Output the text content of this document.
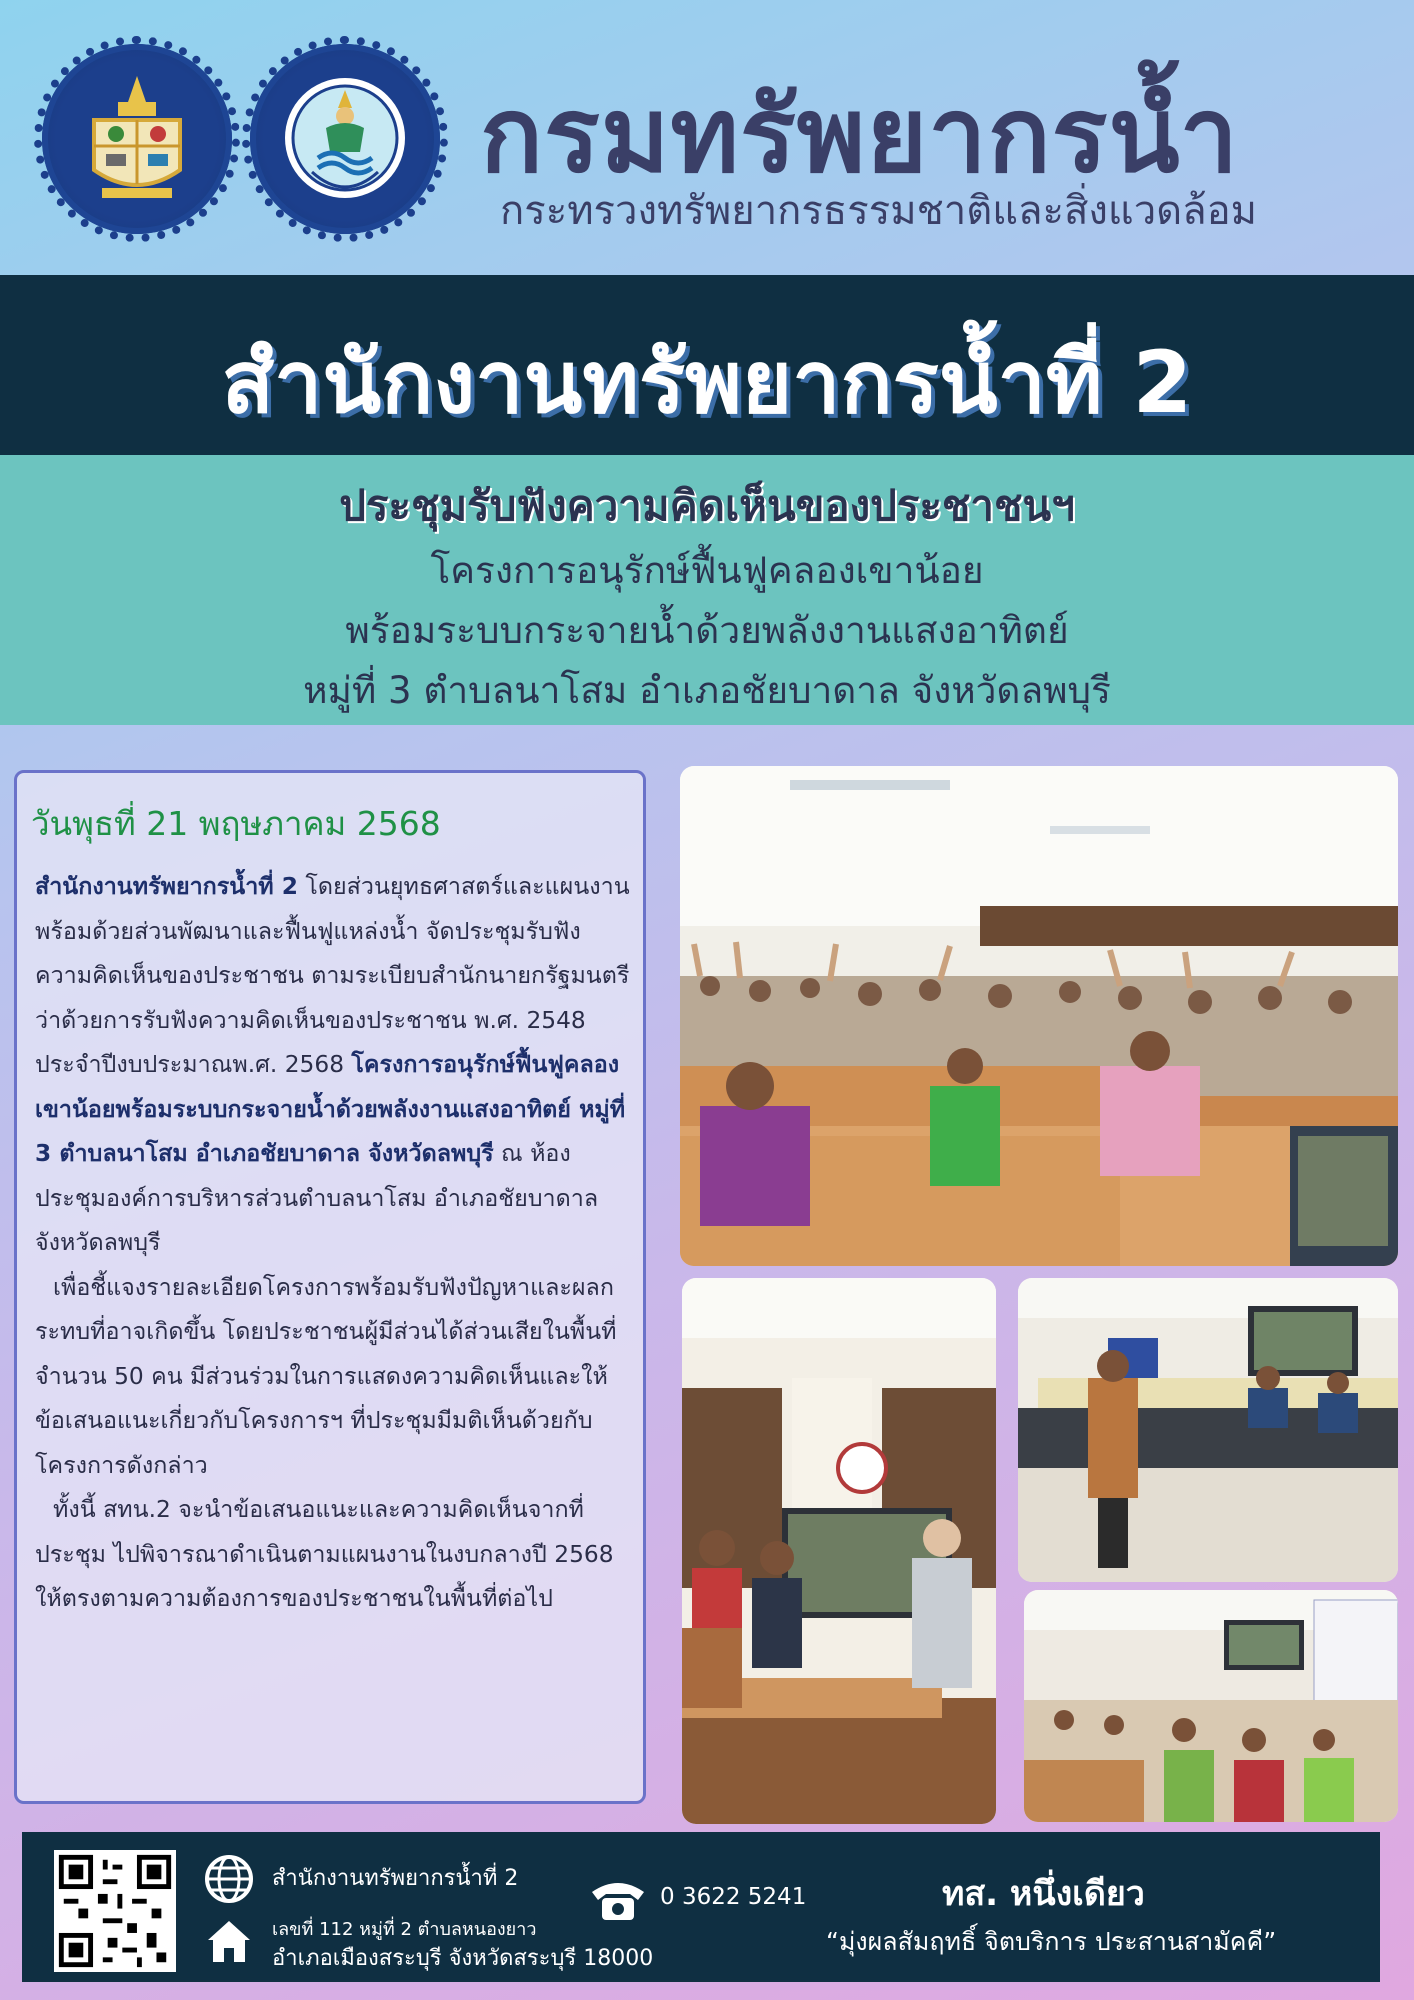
กรมทรัพยากรน้ำ
กระทรวงทรัพยากรธรรมชาติและสิ่งแวดล้อม
สำนักงานทรัพยากรน้ำที่ 2
ประชุมรับฟังความคิดเห็นของประชาชนฯ
โครงการอนุรักษ์ฟื้นฟูคลองเขาน้อย
พร้อมระบบกระจายน้ำด้วยพลังงานแสงอาทิตย์
หมู่ที่ 3 ตำบลนาโสม อำเภอชัยบาดาล จังหวัดลพบุรี
วันพุธที่ 21 พฤษภาคม 2568
สำนักงานทรัพยากรน้ำที่ 2 โดยส่วนยุทธศาสตร์และแผนงาน พร้อมด้วยส่วนพัฒนาและฟื้นฟูแหล่งน้ำ จัดประชุมรับฟังความคิดเห็นของประชาชน ตามระเบียบสำนักนายกรัฐมนตรีว่าด้วยการรับฟังความคิดเห็นของประชาชน พ.ศ. 2548 ประจำปีงบประมาณพ.ศ. 2568 โครงการอนุรักษ์ฟื้นฟูคลองเขาน้อยพร้อมระบบกระจายน้ำด้วยพลังงานแสงอาทิตย์ หมู่ที่ 3 ตำบลนาโสม อำเภอชัยบาดาล จังหวัดลพบุรี ณ ห้องประชุมองค์การบริหารส่วนตำบลนาโสม อำเภอชัยบาดาล จังหวัดลพบุรี
เพื่อชี้แจงรายละเอียดโครงการพร้อมรับฟังปัญหาและผลกระทบที่อาจเกิดขึ้น โดยประชาชนผู้มีส่วนได้ส่วนเสียในพื้นที่ จำนวน 50 คน มีส่วนร่วมในการแสดงความคิดเห็นและให้ข้อเสนอแนะเกี่ยวกับโครงการฯ ที่ประชุมมีมติเห็นด้วยกับโครงการดังกล่าว
ทั้งนี้ สทน.2 จะนำข้อเสนอแนะและความคิดเห็นจากที่ประชุม ไปพิจารณาดำเนินตามแผนงานในงบกลางปี 2568 ให้ตรงตามความต้องการของประชาชนในพื้นที่ต่อไป
สำนักงานทรัพยากรน้ำที่ 2
เลขที่ 112 หมู่ที่ 2 ตำบลหนองยาว
อำเภอเมืองสระบุรี จังหวัดสระบุรี 18000
0 3622 5241	ทส. หนึ่งเดียว
“มุ่งผลสัมฤทธิ์ จิตบริการ ประสานสามัคคี”
